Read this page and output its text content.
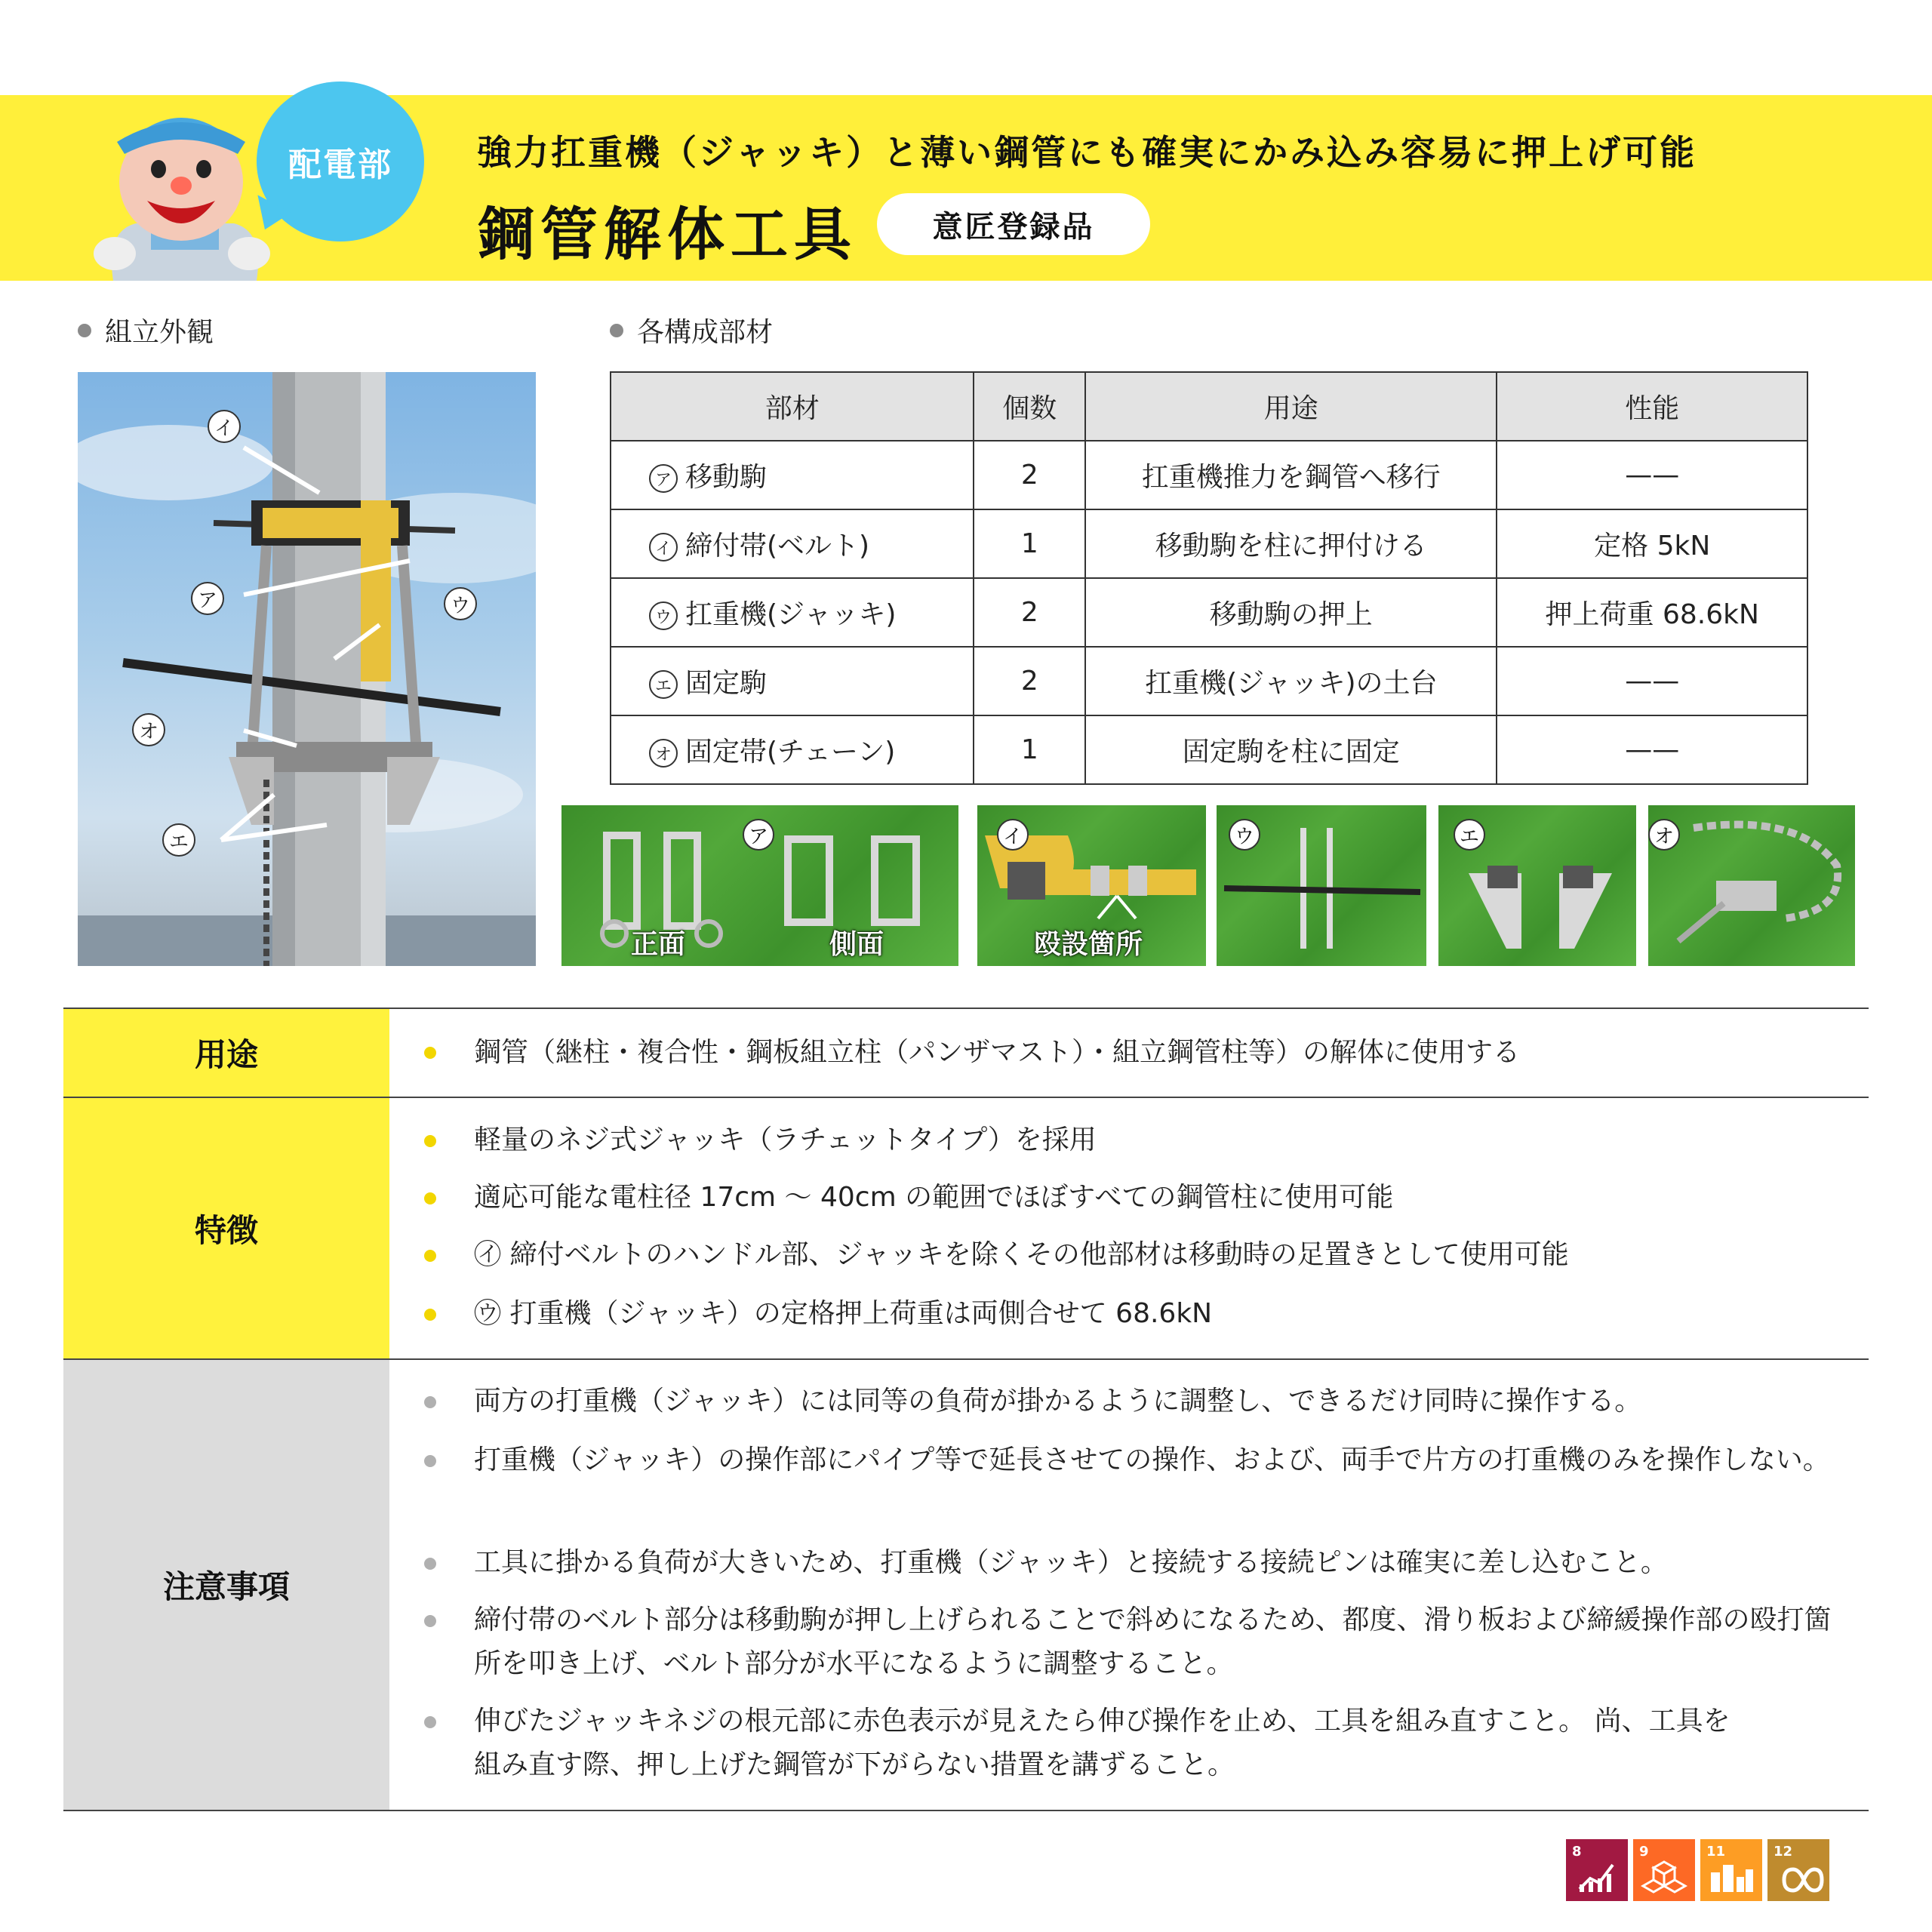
配電部	強力扛重機（ジャッキ）と薄い鋼管にも確実にかみ込み容易に押上げ可能
鋼管解体工具	意匠登録品
組立外観	各構成部材
イ
ア	ウ
オ
エ
部材	個数	用途	性能
ア 移動駒	2	扛重機推力を鋼管へ移行	——
イ 締付帯(ベルト)	1	移動駒を柱に押付ける	定格 5kN
ウ 扛重機(ジャッキ)	2	移動駒の押上	押上荷重 68.6kN
エ 固定駒	2	扛重機(ジャッキ)の土台	——
オ 固定帯(チェーン)	1	固定駒を柱に固定	——
ア
正面	側面
イ
殴設箇所
ウ	エ	オ
用途	鋼管（継柱・複合性・鋼板組立柱（パンザマスト）・組立鋼管柱等）の解体に使用する
特徴
軽量のネジ式ジャッキ（ラチェットタイプ）を採用
適応可能な電柱径 17cm ～ 40cm の範囲でほぼすべての鋼管柱に使用可能
㋑ 締付ベルトのハンドル部、ジャッキを除くその他部材は移動時の足置きとして使用可能
㋒ 打重機（ジャッキ）の定格押上荷重は両側合せて 68.6kN
注意事項
両方の打重機（ジャッキ）には同等の負荷が掛かるように調整し、できるだけ同時に操作する。
打重機（ジャッキ）の操作部にパイプ等で延長させての操作、および、両手で片方の打重機のみを操作しない。
工具に掛かる負荷が大きいため、打重機（ジャッキ）と接続する接続ピンは確実に差し込むこと。
締付帯のベルト部分は移動駒が押し上げられることで斜めになるため、都度、滑り板および締緩操作部の殴打箇所を叩き上げ、ベルト部分が水平になるように調整すること。
伸びたジャッキネジの根元部に赤色表示が見えたら伸び操作を止め、工具を組み直すこと。 尚、工具を組み直す際、押し上げた鋼管が下がらない措置を講ずること。
8	9	11	12
